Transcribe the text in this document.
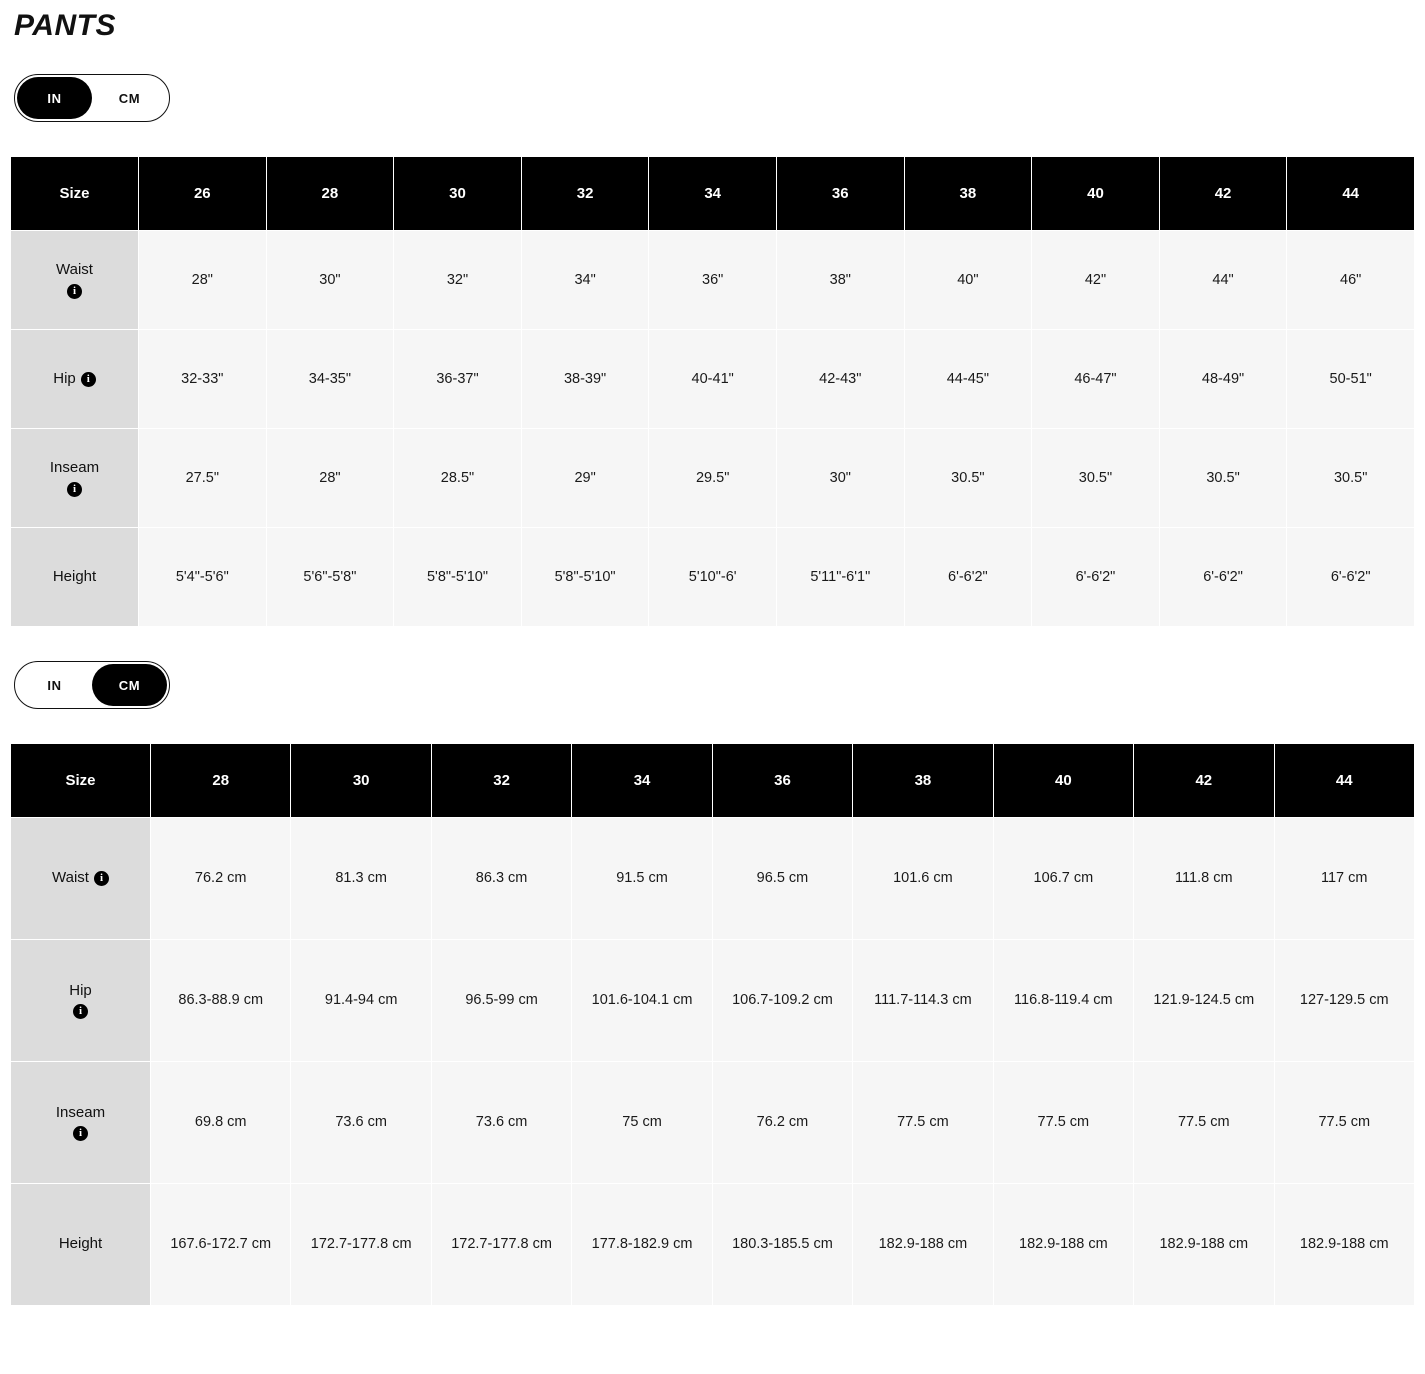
PANTS
IN	CM
Size	26	28	30	32	34	36	38	40	42	44

Waist
i	28"	30"	32"	34"	36"	38"	40"	42"	44"	46"

Hip i	32-33"	34-35"	36-37"	38-39"	40-41"	42-43"	44-45"	46-47"	48-49"	50-51"

Inseam
i	27.5"	28"	28.5"	29"	29.5"	30"	30.5"	30.5"	30.5"	30.5"

Height	5'4"-5'6"	5'6"-5'8"	5'8"-5'10"	5'8"-5'10"	5'10"-6'	5'11"-6'1"	6'-6'2"	6'-6'2"	6'-6'2"	6'-6'2"
IN	CM
Size	28	30	32	34	36	38	40	42	44

Waist i	76.2 cm	81.3 cm	86.3 cm	91.5 cm	96.5 cm	101.6 cm	106.7 cm	111.8 cm	117 cm

Hip
i	86.3-88.9 cm	91.4-94 cm	96.5-99 cm	101.6-104.1 cm	106.7-109.2 cm	111.7-114.3 cm	116.8-119.4 cm	121.9-124.5 cm	127-129.5 cm

Inseam
i	69.8 cm	73.6 cm	73.6 cm	75 cm	76.2 cm	77.5 cm	77.5 cm	77.5 cm	77.5 cm

Height	167.6-172.7 cm	172.7-177.8 cm	172.7-177.8 cm	177.8-182.9 cm	180.3-185.5 cm	182.9-188 cm	182.9-188 cm	182.9-188 cm	182.9-188 cm
